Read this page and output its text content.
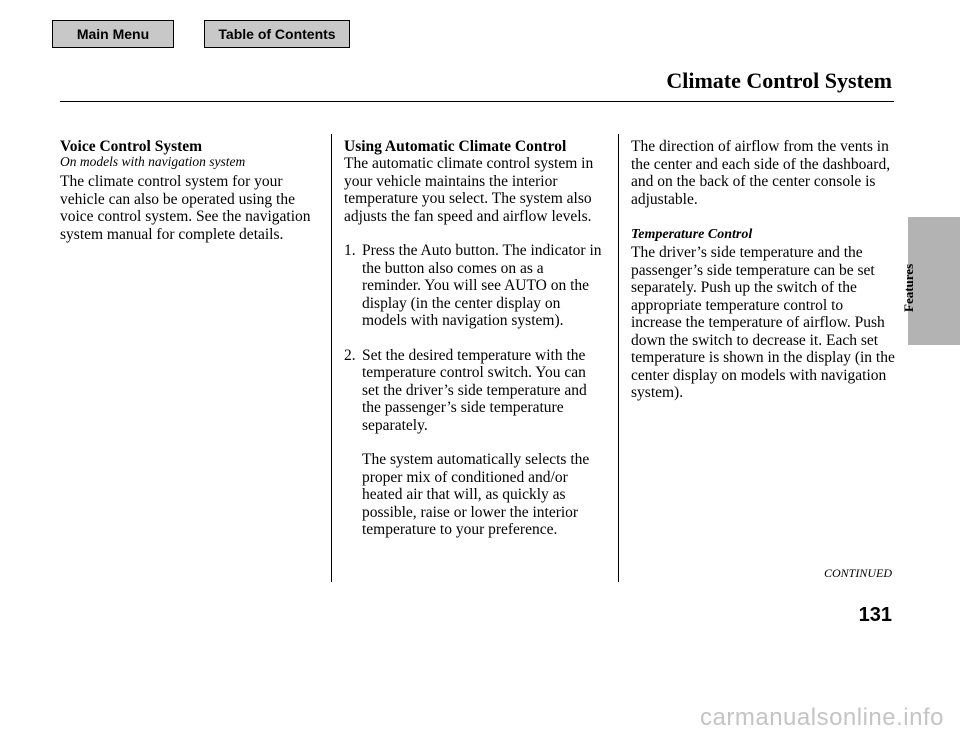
Main Menu	Table of Contents
Climate Control System
Features

Voice Control System

On models with navigation system

The climate control system for your vehicle can also be operated using the voice control system. See the navigation system manual for complete details.

Using Automatic Climate Control

The automatic climate control system in your vehicle maintains the interior temperature you select. The system also adjusts the fan speed and airflow levels.

1. Press the Auto button. The indicator in the button also comes on as a reminder. You will see AUTO on the display (in the center display on models with navigation system).
2. Set the desired temperature with the temperature control switch. You can set the driver’s side temperature and the passenger’s side temperature separately.

The system automatically selects the proper mix of conditioned and/or heated air that will, as quickly as possible, raise or lower the interior temperature to your preference.

The direction of airflow from the vents in the center and each side of the dashboard, and on the back of the center console is adjustable.

Temperature Control

The driver’s side temperature and the passenger’s side temperature can be set separately. Push up the switch of the appropriate temperature control to increase the temperature of airflow. Push down the switch to decrease it. Each set temperature is shown in the display (in the center display on models with navigation system).

CONTINUED
131
carmanualsonline.info
